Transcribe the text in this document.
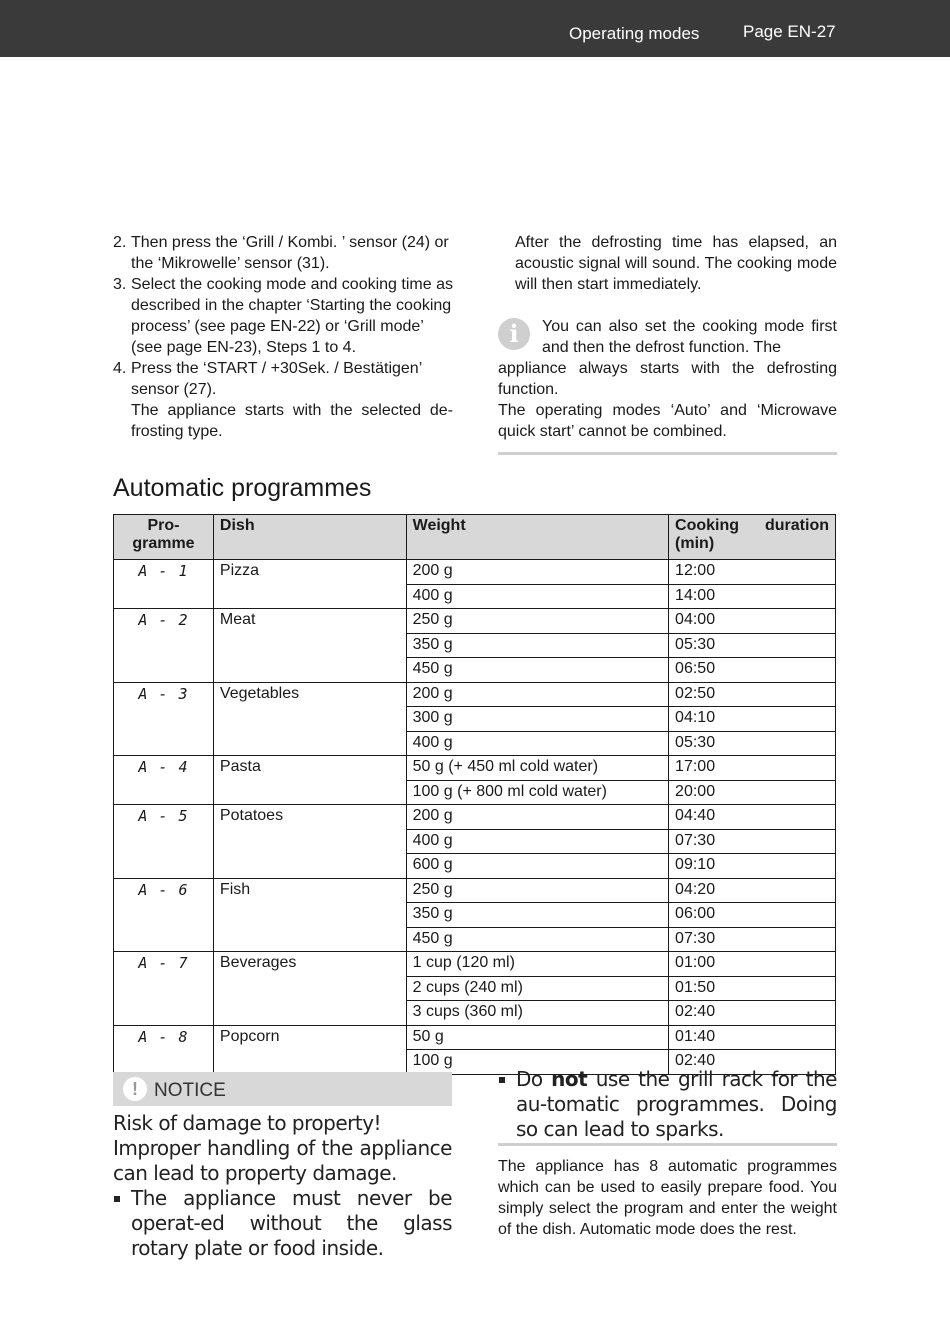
Operating modes	Page EN-27
2. Then press the ‘Grill / Kombi. ’ sensor (24) or the ‘Mikrowelle’ sensor (31).
3. Select the cooking mode and cooking time as described in the chapter ‘Starting the cooking process’ (see page EN-22) or ‘Grill mode’ (see page EN-23), Steps 1 to 4.
4. Press the ‘START / +30Sek. / Bestätigen’ sensor (27).
The appliance starts with the selected de-frosting type.
After the defrosting time has elapsed, an acoustic signal will sound. The cooking mode will then start immediately.
i	You can also set the cooking mode first and then the defrost function. The
appliance always starts with the defrosting function.
The operating modes ‘Auto’ and ‘Microwave quick start’ cannot be combined.
Automatic programmes
Pro-gramme	Dish	Weight	Cooking duration
(min)

A - 1	Pizza	200 g	12:00
		400 g	14:00
A - 2	Meat	250 g	04:00
		350 g	05:30
		450 g	06:50
A - 3	Vegetables	200 g	02:50
		300 g	04:10
		400 g	05:30
A - 4	Pasta	50 g (+ 450 ml cold water)	17:00
		100 g (+ 800 ml cold water)	20:00
A - 5	Potatoes	200 g	04:40
		400 g	07:30
		600 g	09:10
A - 6	Fish	250 g	04:20
		350 g	06:00
		450 g	07:30
A - 7	Beverages	1 cup (120 ml)	01:00
		2 cups (240 ml)	01:50
		3 cups (360 ml)	02:40
A - 8	Popcorn	50 g	01:40
		100 g	02:40
! NOTICE
Risk of damage to property!
Improper handling of the appliance can lead to property damage.
The appliance must never be operat-ed without the glass rotary plate or food inside.
Do not use the grill rack for the au-tomatic programmes. Doing so can lead to sparks.
The appliance has 8 automatic programmes which can be used to easily prepare food. You simply select the program and enter the weight of the dish. Automatic mode does the rest.
